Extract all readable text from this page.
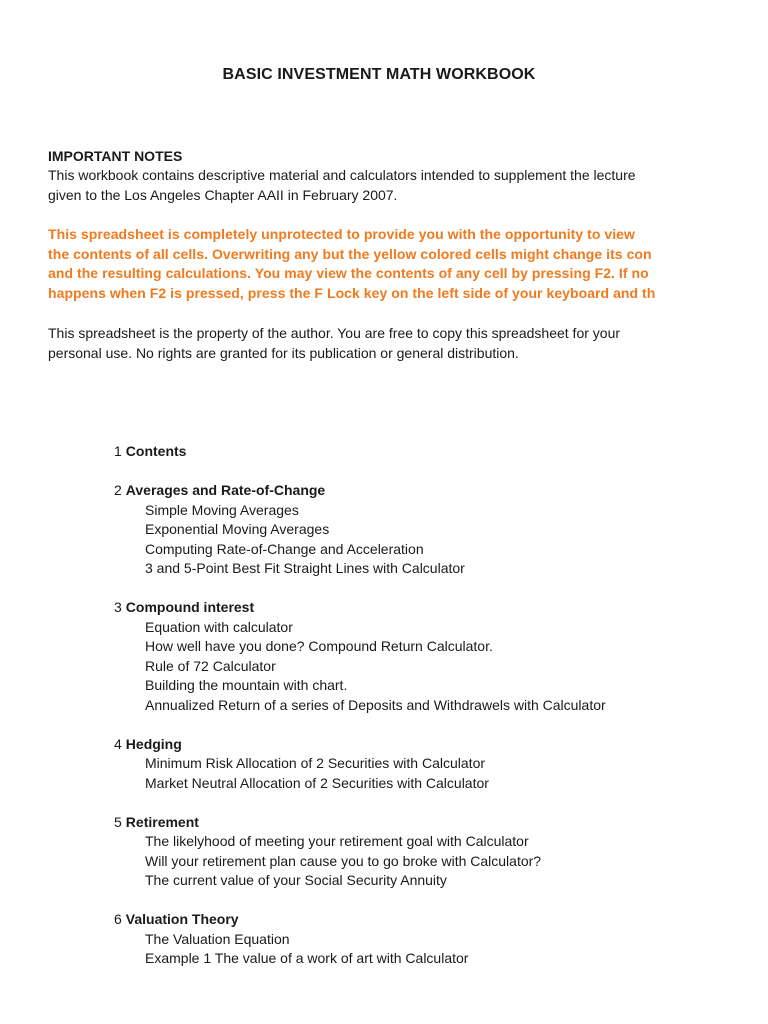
BASIC INVESTMENT MATH WORKBOOK
IMPORTANT NOTES
This workbook contains descriptive material and calculators intended to supplement the lecture
given to the Los Angeles Chapter AAII in February 2007.
This spreadsheet is completely unprotected to provide you with the opportunity to view
the contents of all cells. Overwriting any but the yellow colored cells might change its con
and the resulting calculations. You may view the contents of any cell by pressing F2. If no
happens when F2 is pressed, press the F Lock key on the left side of your keyboard and th
This spreadsheet is the property of the author. You are free to copy this spreadsheet for your
personal use. No rights are granted for its publication or general distribution.
1 Contents
2 Averages and Rate-of-Change
Simple Moving Averages
Exponential Moving Averages
Computing Rate-of-Change and Acceleration
3 and 5-Point Best Fit Straight Lines with Calculator
3 Compound interest
Equation with calculator
How well have you done? Compound Return Calculator.
Rule of 72 Calculator
Building the mountain with chart.
Annualized Return of a series of Deposits and Withdrawels with Calculator
4 Hedging
Minimum Risk Allocation of 2 Securities with Calculator
Market Neutral Allocation of 2 Securities with Calculator
5 Retirement
The likelyhood of meeting your retirement goal with Calculator
Will your retirement plan cause you to go broke with Calculator?
The current value of your Social Security Annuity
6 Valuation Theory
The Valuation Equation
Example 1 The value of a work of art with Calculator
